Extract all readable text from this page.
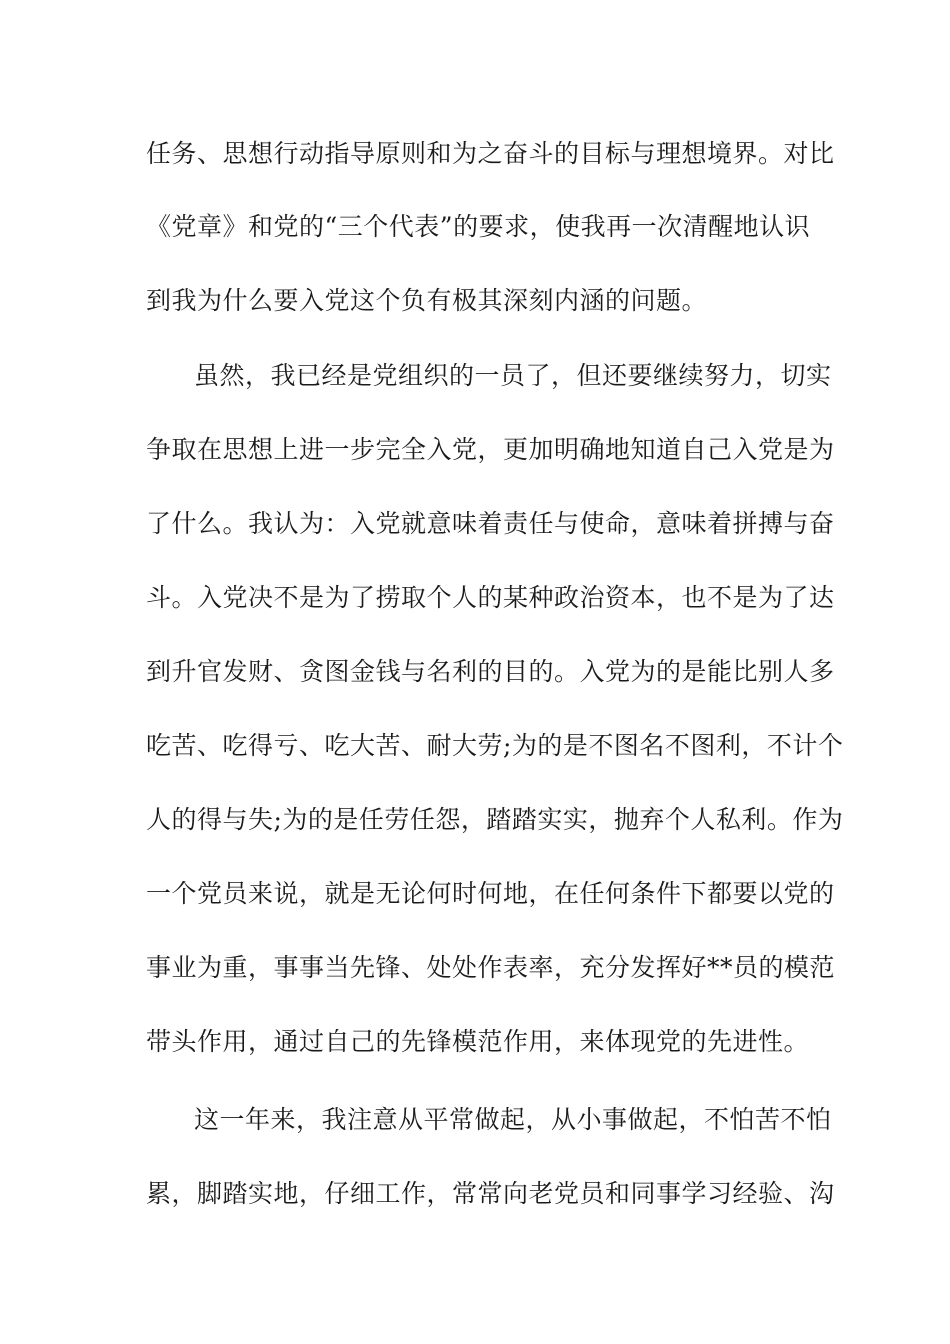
任务、思想行动指导原则和为之奋斗的目标与理想境界。对比
《党章》和党的“三个代表”的要求，使我再一次清醒地认识
到我为什么要入党这个负有极其深刻内涵的问题。
虽然，我已经是党组织的一员了，但还要继续努力，切实
争取在思想上进一步完全入党，更加明确地知道自己入党是为
了什么。我认为：入党就意味着责任与使命，意味着拼搏与奋
斗。入党决不是为了捞取个人的某种政治资本，也不是为了达
到升官发财、贪图金钱与名利的目的。入党为的是能比别人多
吃苦、吃得亏、吃大苦、耐大劳;为的是不图名不图利，不计个
人的得与失;为的是任劳任怨，踏踏实实，抛弃个人私利。作为
一个党员来说，就是无论何时何地，在任何条件下都要以党的
事业为重，事事当先锋、处处作表率，充分发挥好**员的模范
带头作用，通过自己的先锋模范作用，来体现党的先进性。
这一年来，我注意从平常做起，从小事做起，不怕苦不怕
累，脚踏实地，仔细工作，常常向老党员和同事学习经验、沟
